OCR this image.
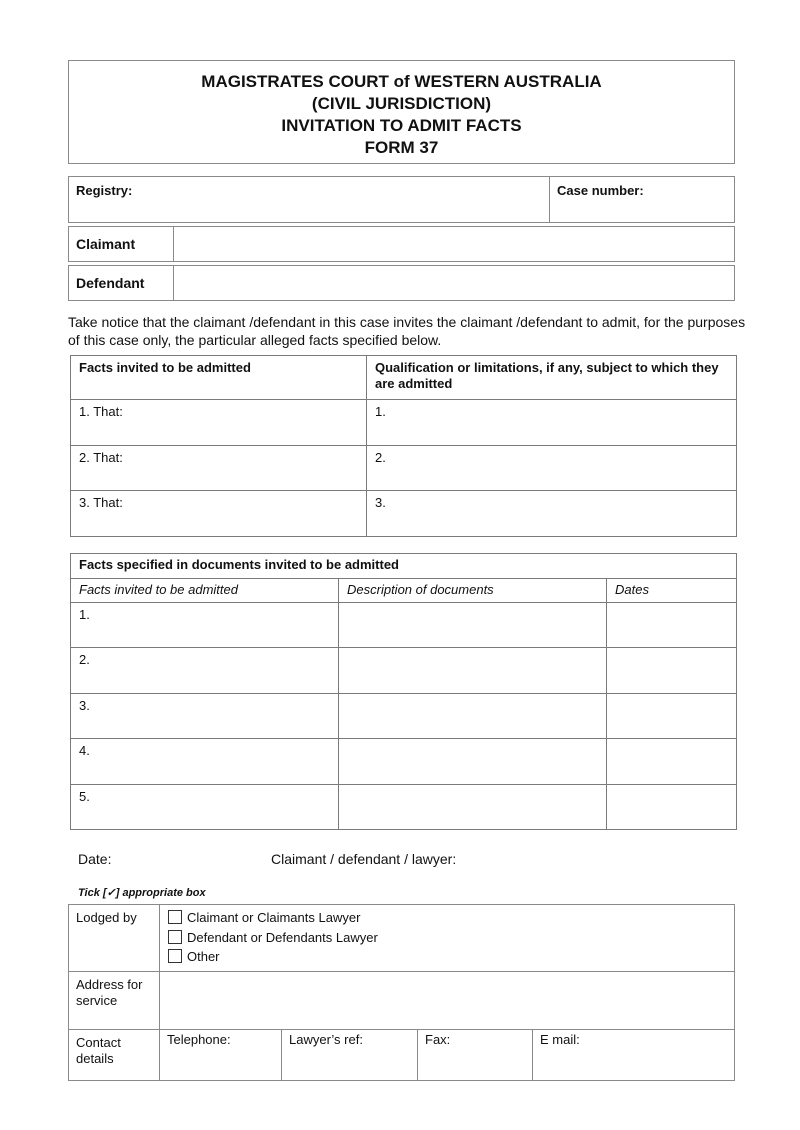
MAGISTRATES COURT of WESTERN AUSTRALIA
(CIVIL JURISDICTION)
INVITATION TO ADMIT FACTS
FORM 37
Registry:	Case number:
Claimant
Defendant
Take notice that the claimant /defendant in this case invites the claimant /defendant to admit, for the purposes of this case only, the particular alleged facts specified below.
Facts invited to be admitted	Qualification or limitations, if any, subject to which they are admitted
1. That:	1.
2. That:	2.
3. That:	3.
Facts specified in documents invited to be admitted		
Facts invited to be admitted	Description of documents	Dates
1.		
2.		
3.		
4.		
5.		
Date:	Claimant / defendant / lawyer:
Tick [✓] appropriate box
Lodged by	Claimant or Claimants Lawyer
Defendant or Defendants Lawyer
Other			

Address for service				
Contact details	Telephone:	Lawyer’s ref:	Fax:	E mail:
